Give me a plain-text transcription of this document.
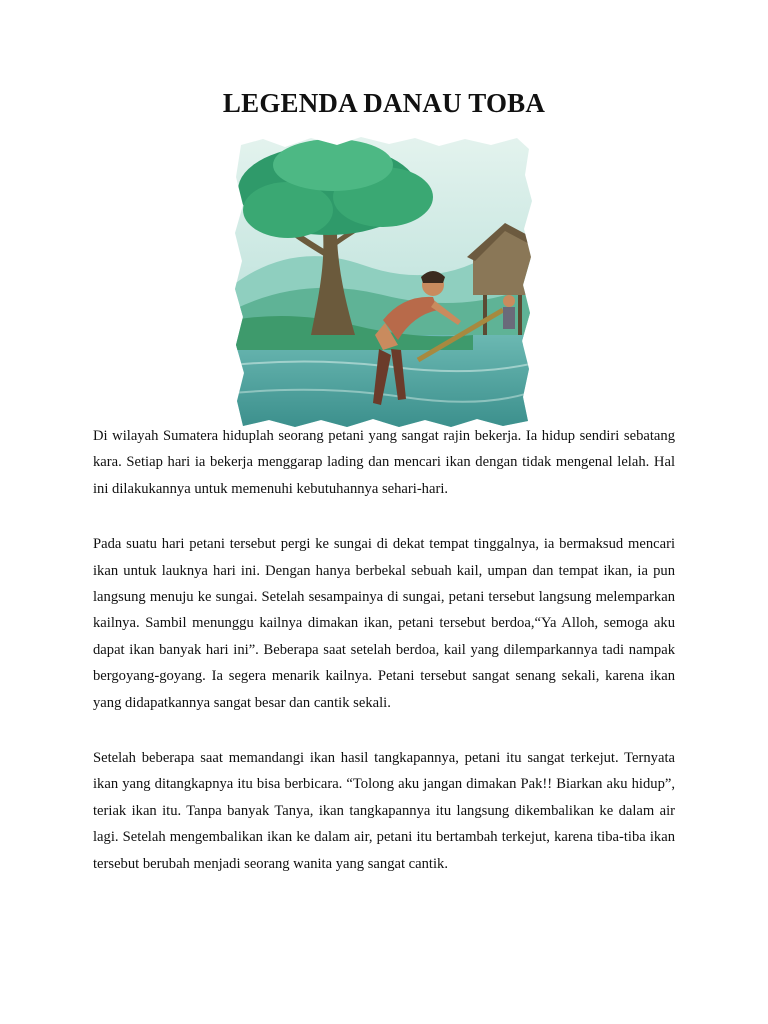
LEGENDA DANAU TOBA

Di wilayah Sumatera hiduplah seorang petani yang sangat rajin bekerja. Ia hidup sendiri sebatang kara. Setiap hari ia bekerja menggarap lading dan mencari ikan dengan tidak mengenal lelah. Hal ini dilakukannya untuk memenuhi kebutuhannya sehari-hari.

Pada suatu hari petani tersebut pergi ke sungai di dekat tempat tinggalnya, ia bermaksud mencari ikan untuk lauknya hari ini. Dengan hanya berbekal sebuah kail, umpan dan tempat ikan, ia pun langsung menuju ke sungai. Setelah sesampainya di sungai, petani tersebut langsung melemparkan kailnya. Sambil menunggu kailnya dimakan ikan, petani tersebut berdoa,“Ya Alloh, semoga aku dapat ikan banyak hari ini”. Beberapa saat setelah berdoa, kail yang dilemparkannya tadi nampak bergoyang-goyang. Ia segera menarik kailnya. Petani tersebut sangat senang sekali, karena ikan yang didapatkannya sangat besar dan cantik sekali.

Setelah beberapa saat memandangi ikan hasil tangkapannya, petani itu sangat terkejut. Ternyata ikan yang ditangkapnya itu bisa berbicara. “Tolong aku jangan dimakan Pak!! Biarkan aku hidup”, teriak ikan itu. Tanpa banyak Tanya, ikan tangkapannya itu langsung dikembalikan ke dalam air lagi. Setelah mengembalikan ikan ke dalam air, petani itu bertambah terkejut, karena tiba-tiba ikan tersebut berubah menjadi seorang wanita yang sangat cantik.
